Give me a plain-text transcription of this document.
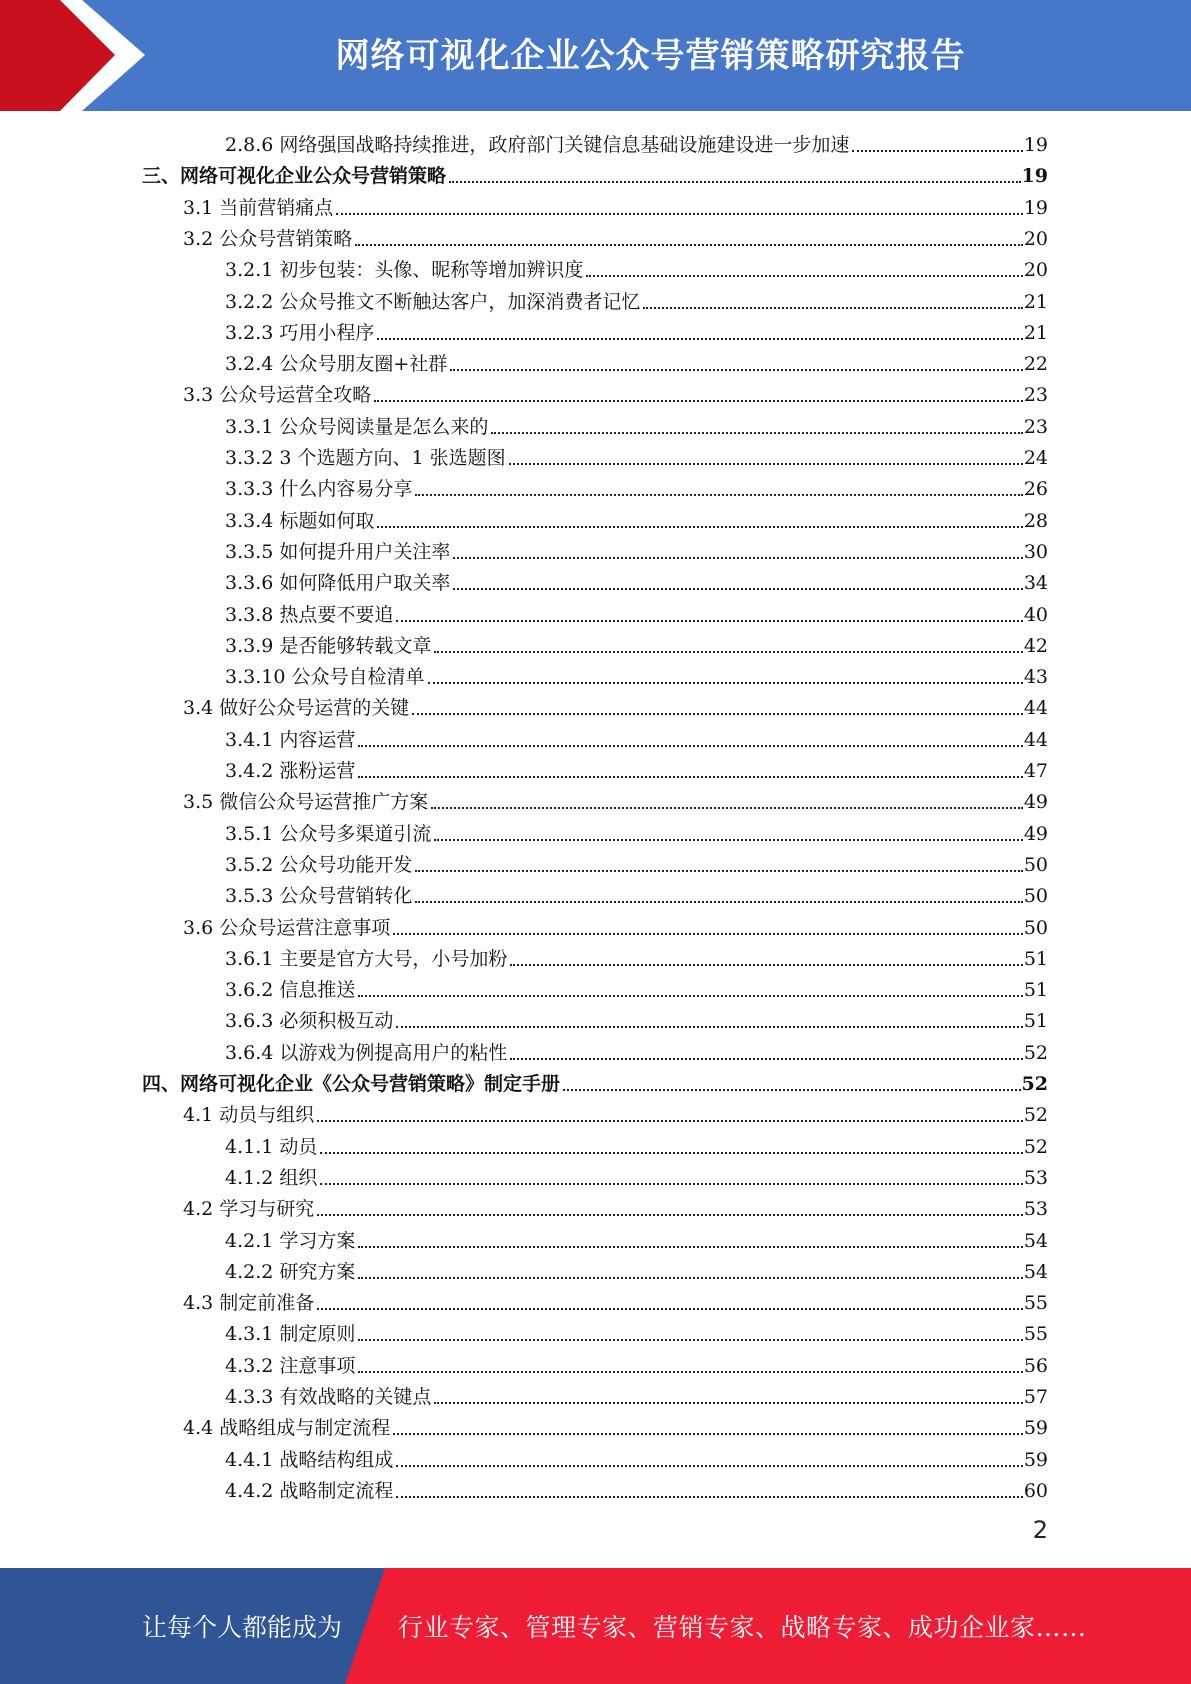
网络可视化企业公众号营销策略研究报告
2.8.6 网络强国战略持续推进，政府部门关键信息基础设施建设进一步加速	19
三、网络可视化企业公众号营销策略	19
3.1 当前营销痛点	19
3.2 公众号营销策略	20
3.2.1 初步包装：头像、昵称等增加辨识度	20
3.2.2 公众号推文不断触达客户，加深消费者记忆	21
3.2.3 巧用小程序	21
3.2.4 公众号朋友圈+社群	22
3.3 公众号运营全攻略	23
3.3.1 公众号阅读量是怎么来的	23
3.3.2 3 个选题方向、1 张选题图	24
3.3.3 什么内容易分享	26
3.3.4 标题如何取	28
3.3.5 如何提升用户关注率	30
3.3.6 如何降低用户取关率	34
3.3.8 热点要不要追	40
3.3.9 是否能够转载文章	42
3.3.10 公众号自检清单	43
3.4 做好公众号运营的关键	44
3.4.1 内容运营	44
3.4.2 涨粉运营	47
3.5 微信公众号运营推广方案	49
3.5.1 公众号多渠道引流	49
3.5.2 公众号功能开发	50
3.5.3 公众号营销转化	50
3.6 公众号运营注意事项	50
3.6.1 主要是官方大号，小号加粉	51
3.6.2 信息推送	51
3.6.3 必须积极互动	51
3.6.4 以游戏为例提高用户的粘性	52
四、网络可视化企业《公众号营销策略》制定手册	52
4.1 动员与组织	52
4.1.1 动员	52
4.1.2 组织	53
4.2 学习与研究	53
4.2.1 学习方案	54
4.2.2 研究方案	54
4.3 制定前准备	55
4.3.1 制定原则	55
4.3.2 注意事项	56
4.3.3 有效战略的关键点	57
4.4 战略组成与制定流程	59
4.4.1 战略结构组成	59
4.4.2 战略制定流程	60
2
让每个人都能成为 行业专家、管理专家、营销专家、战略专家、成功企业家……
